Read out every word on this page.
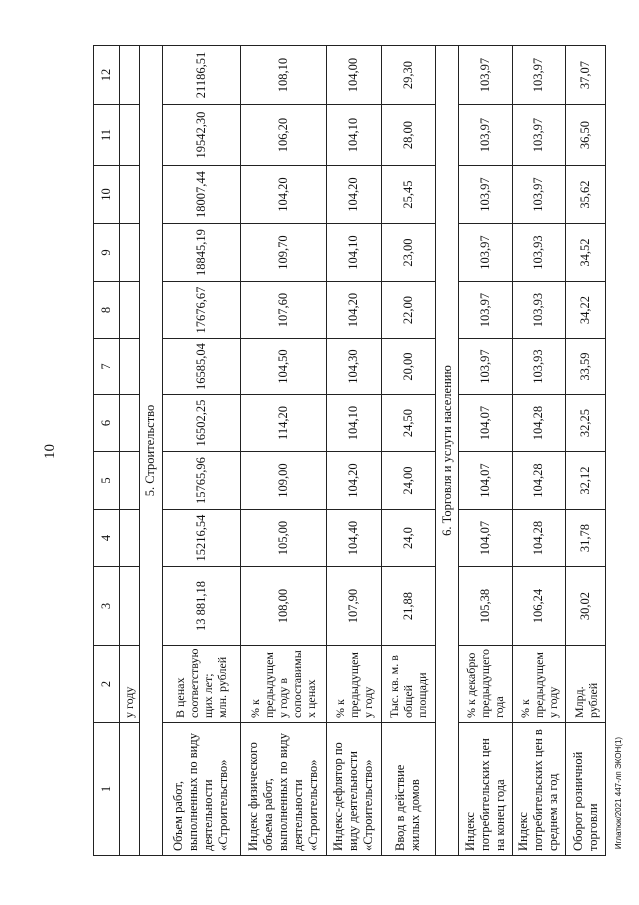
10
Иглатюк/2021 447-лп ЭКОН(1)
1	2	3	4	5	6	7	8	9	10	11	12
	у году										
5. Строительство											
Объем работ, выполненных по виду деятельности «Строительство»	В ценах соответствую щих лет; млн. рублей	13 881,18	15216,54	15765,96	16502,25	16585,04	17676,67	18845,19	18007,44	19542,30	21186,51
Индекс физического объема работ, выполненных по виду деятельности «Строительство»	% к предыдущем у году в сопоставимы х ценах	108,00	105,00	109,00	114,20	104,50	107,60	109,70	104,20	106,20	108,10
Индекс-дефлятор по виду деятельности «Строительство»	% к предыдущем у году	107,90	104,40	104,20	104,10	104,30	104,20	104,10	104,20	104,10	104,00
Ввод в действие жилых домов	Тыс. кв. м. в общей площади	21,88	24,0	24,00	24,50	20,00	22,00	23,00	25,45	28,00	29,30
6. Торговля и услуги населению											
Индекс потребительских цен на конец года	% к декабрю предыдущего года	105,38	104,07	104,07	104,07	103,97	103,97	103,97	103,97	103,97	103,97
Индекс потребительских цен в среднем за год	% к предыдущем у году	106,24	104,28	104,28	104,28	103,93	103,93	103,93	103,97	103,97	103,97
Оборот розничной торговли	Млрд. рублей	30,02	31,78	32,12	32,25	33,59	34,22	34,52	35,62	36,50	37,07
